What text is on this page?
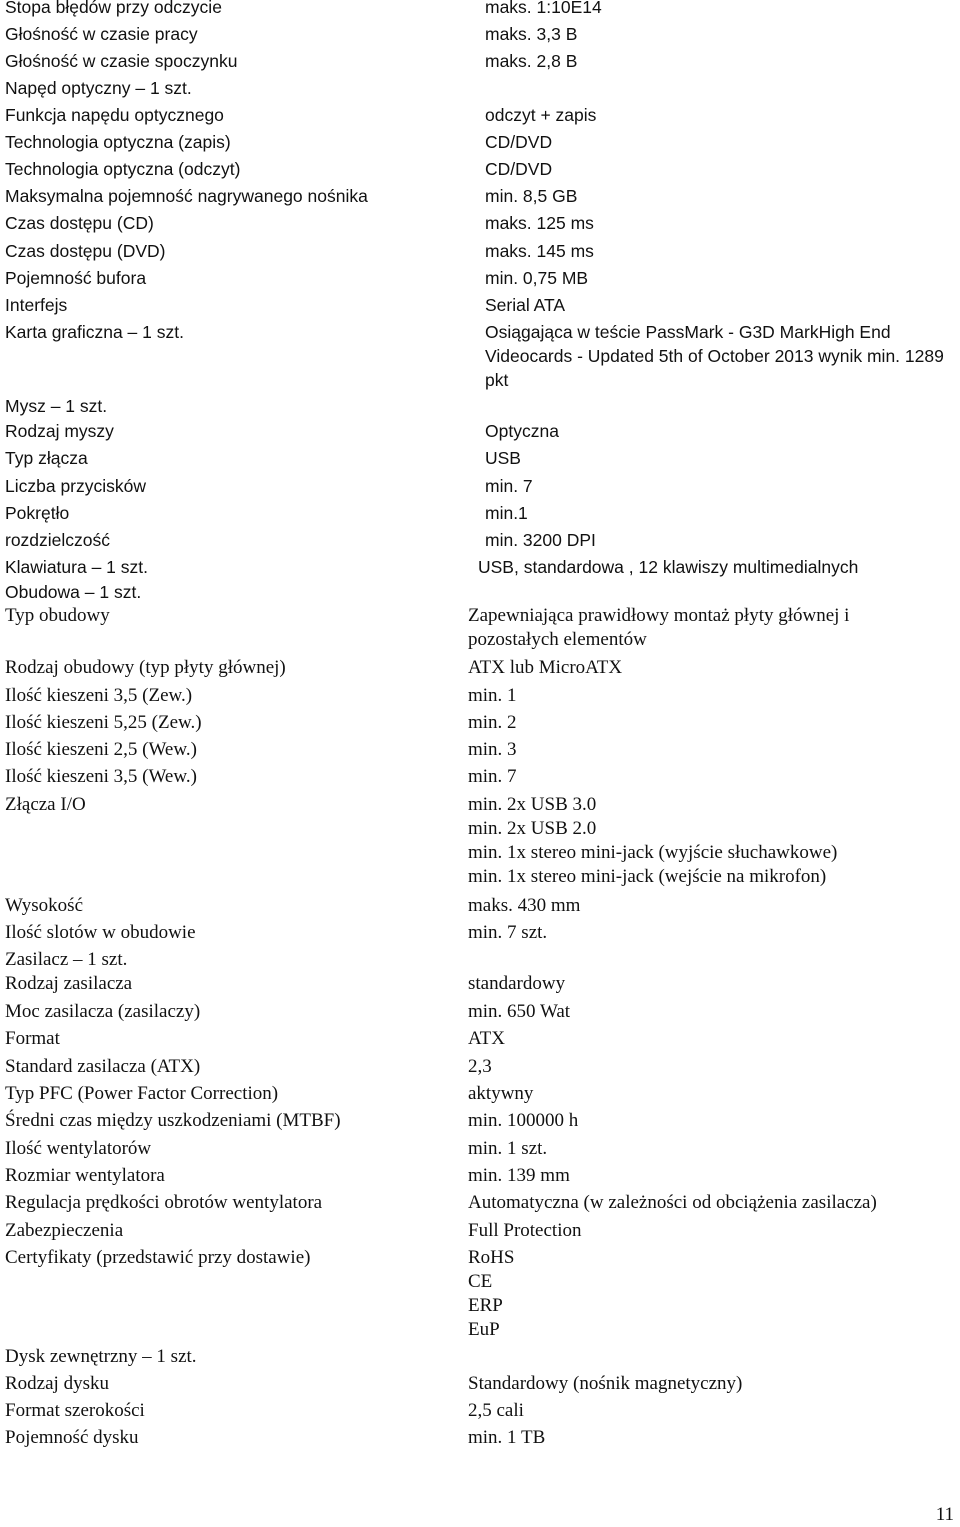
Stopa błędów przy odczycie	maks. 1:10E14
Głośność w czasie pracy	maks. 3,3 B
Głośność w czasie spoczynku	maks. 2,8 B
Napęd optyczny – 1 szt.
Funkcja napędu optycznego	odczyt + zapis
Technologia optyczna (zapis)	CD/DVD
Technologia optyczna (odczyt)	CD/DVD
Maksymalna pojemność nagrywanego nośnika	min. 8,5 GB
Czas dostępu (CD)	maks. 125 ms
Czas dostępu (DVD)	maks. 145 ms
Pojemność bufora	min. 0,75 MB
Interfejs	Serial ATA
Karta graficzna – 1 szt.	Osiągająca w teście PassMark - G3D MarkHigh End Videocards - Updated 5th of October 2013 wynik min. 1289 pkt
Mysz – 1 szt.
Rodzaj myszy	Optyczna
Typ złącza	USB
Liczba przycisków	min. 7
Pokrętło	min.1
rozdzielczość	min. 3200 DPI
Klawiatura – 1 szt.	USB, standardowa , 12 klawiszy multimedialnych
Obudowa – 1 szt.
Typ obudowy	Zapewniająca prawidłowy montaż płyty głównej i pozostałych elementów
Rodzaj obudowy (typ płyty głównej)	ATX lub MicroATX
Ilość kieszeni 3,5 (Zew.)	min. 1
Ilość kieszeni 5,25 (Zew.)	min. 2
Ilość kieszeni 2,5 (Wew.)	min. 3
Ilość kieszeni 3,5 (Wew.)	min. 7
Złącza I/O	min. 2x USB 3.0
min. 2x USB 2.0
min. 1x stereo mini-jack (wyjście słuchawkowe)
min. 1x stereo mini-jack (wejście na mikrofon)
Wysokość	maks. 430 mm
Ilość slotów w obudowie	min. 7 szt.
Zasilacz – 1 szt.
Rodzaj zasilacza	standardowy
Moc zasilacza (zasilaczy)	min. 650 Wat
Format	ATX
Standard zasilacza (ATX)	2,3
Typ PFC (Power Factor Correction)	aktywny
Średni czas między uszkodzeniami (MTBF)	min. 100000 h
Ilość wentylatorów	min. 1 szt.
Rozmiar wentylatora	min. 139 mm
Regulacja prędkości obrotów wentylatora	Automatyczna (w zależności od obciążenia zasilacza)
Zabezpieczenia	Full Protection
Certyfikaty (przedstawić przy dostawie)	RoHS
CE
ERP
EuP
Dysk zewnętrzny – 1 szt.
Rodzaj dysku	Standardowy (nośnik magnetyczny)
Format szerokości	2,5 cali
Pojemność dysku	min. 1 TB
11
